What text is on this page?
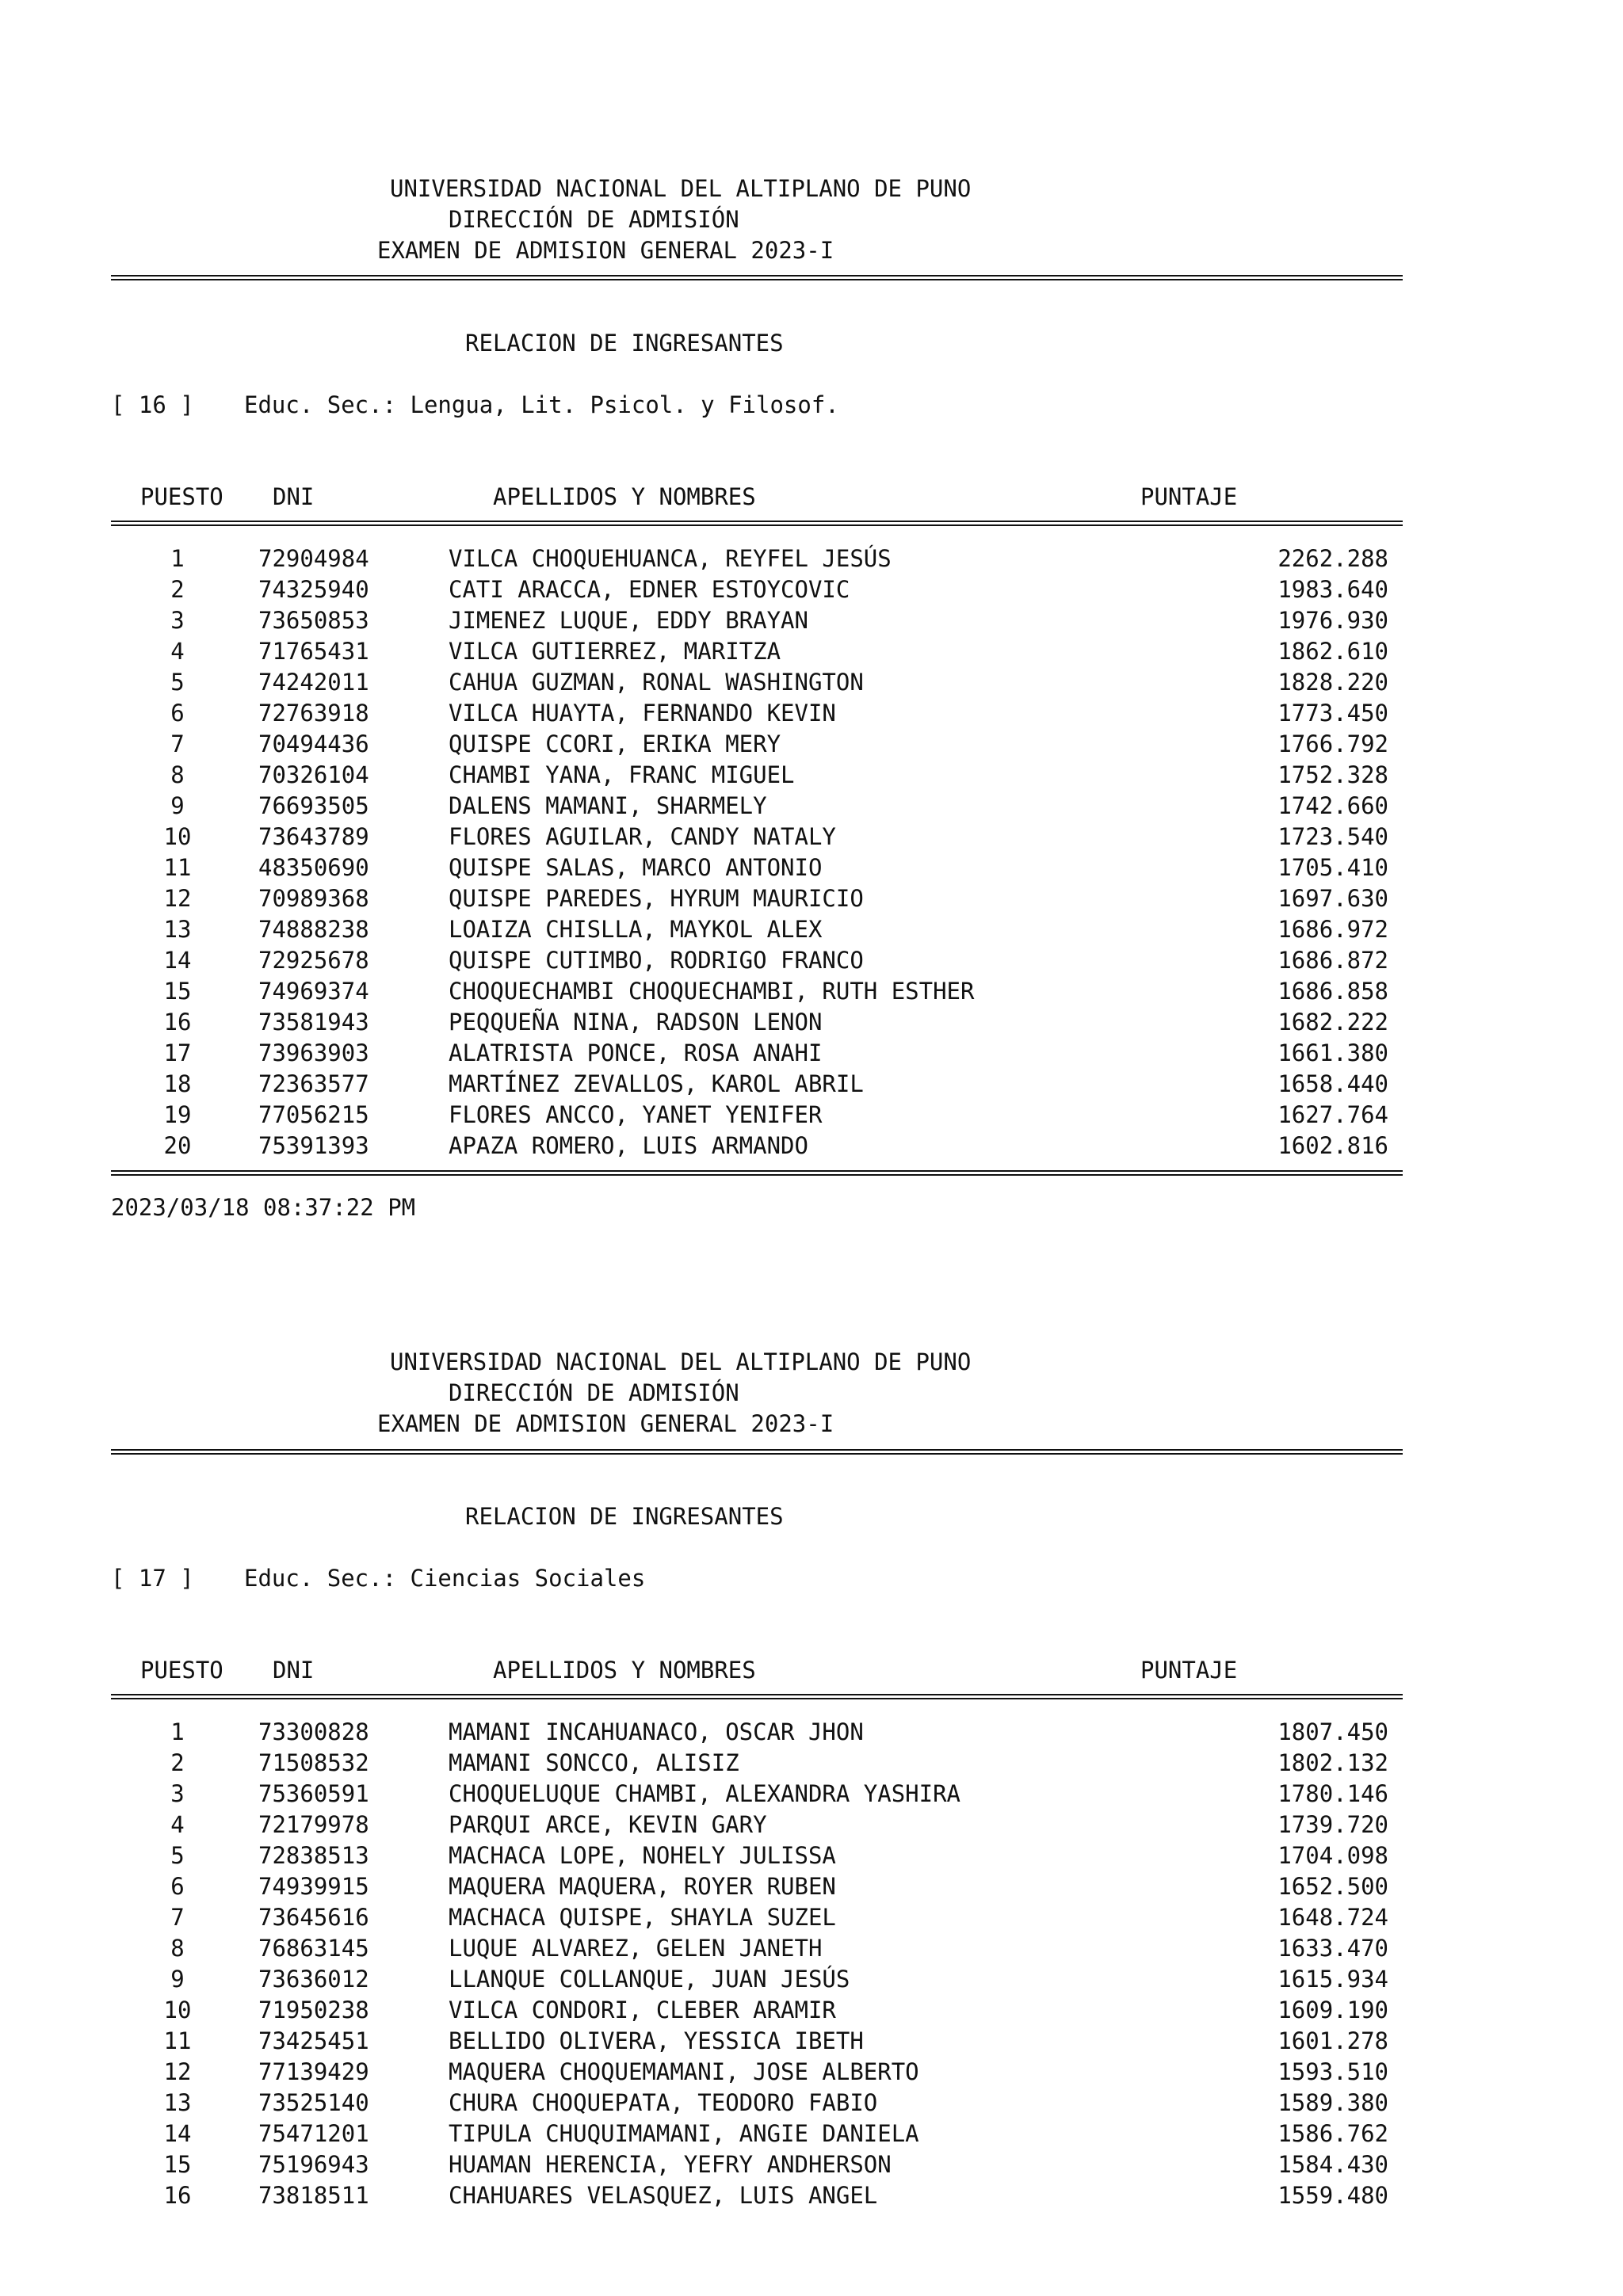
UNIVERSIDAD NACIONAL DEL ALTIPLANO DE PUNO
DIRECCIÓN DE ADMISIÓN
EXAMEN DE ADMISION GENERAL 2023-I
RELACION DE INGRESANTES
[ 16 ] Educ. Sec.: Lengua, Lit. Psicol. y Filosof.
PUESTO DNI	APELLIDOS Y NOMBRES	PUNTAJE
1	72904984	VILCA CHOQUEHUANCA, REYFEL JESÚS	2262.288
2	74325940	CATI ARACCA, EDNER ESTOYCOVIC	1983.640
3	73650853	JIMENEZ LUQUE, EDDY BRAYAN	1976.930
4	71765431	VILCA GUTIERREZ, MARITZA	1862.610
5	74242011	CAHUA GUZMAN, RONAL WASHINGTON	1828.220
6	72763918	VILCA HUAYTA, FERNANDO KEVIN	1773.450
7	70494436	QUISPE CCORI, ERIKA MERY	1766.792
8	70326104	CHAMBI YANA, FRANC MIGUEL	1752.328
9	76693505	DALENS MAMANI, SHARMELY	1742.660
10	73643789	FLORES AGUILAR, CANDY NATALY	1723.540
11	48350690	QUISPE SALAS, MARCO ANTONIO	1705.410
12	70989368	QUISPE PAREDES, HYRUM MAURICIO	1697.630
13	74888238	LOAIZA CHISLLA, MAYKOL ALEX	1686.972
14	72925678	QUISPE CUTIMBO, RODRIGO FRANCO	1686.872
15	74969374	CHOQUECHAMBI CHOQUECHAMBI, RUTH ESTHER	1686.858
16	73581943	PEQQUEÑA NINA, RADSON LENON	1682.222
17	73963903	ALATRISTA PONCE, ROSA ANAHI	1661.380
18	72363577	MARTÍNEZ ZEVALLOS, KAROL ABRIL	1658.440
19	77056215	FLORES ANCCO, YANET YENIFER	1627.764
20	75391393	APAZA ROMERO, LUIS ARMANDO	1602.816
2023/03/18 08:37:22 PM
UNIVERSIDAD NACIONAL DEL ALTIPLANO DE PUNO
DIRECCIÓN DE ADMISIÓN
EXAMEN DE ADMISION GENERAL 2023-I
RELACION DE INGRESANTES
[ 17 ] Educ. Sec.: Ciencias Sociales
PUESTO DNI	APELLIDOS Y NOMBRES	PUNTAJE
1	73300828	MAMANI INCAHUANACO, OSCAR JHON	1807.450
2	71508532	MAMANI SONCCO, ALISIZ	1802.132
3	75360591	CHOQUELUQUE CHAMBI, ALEXANDRA YASHIRA	1780.146
4	72179978	PARQUI ARCE, KEVIN GARY	1739.720
5	72838513	MACHACA LOPE, NOHELY JULISSA	1704.098
6	74939915	MAQUERA MAQUERA, ROYER RUBEN	1652.500
7	73645616	MACHACA QUISPE, SHAYLA SUZEL	1648.724
8	76863145	LUQUE ALVAREZ, GELEN JANETH	1633.470
9	73636012	LLANQUE COLLANQUE, JUAN JESÚS	1615.934
10	71950238	VILCA CONDORI, CLEBER ARAMIR	1609.190
11	73425451	BELLIDO OLIVERA, YESSICA IBETH	1601.278
12	77139429	MAQUERA CHOQUEMAMANI, JOSE ALBERTO	1593.510
13	73525140	CHURA CHOQUEPATA, TEODORO FABIO	1589.380
14	75471201	TIPULA CHUQUIMAMANI, ANGIE DANIELA	1586.762
15	75196943	HUAMAN HERENCIA, YEFRY ANDHERSON	1584.430
16	73818511	CHAHUARES VELASQUEZ, LUIS ANGEL	1559.480
